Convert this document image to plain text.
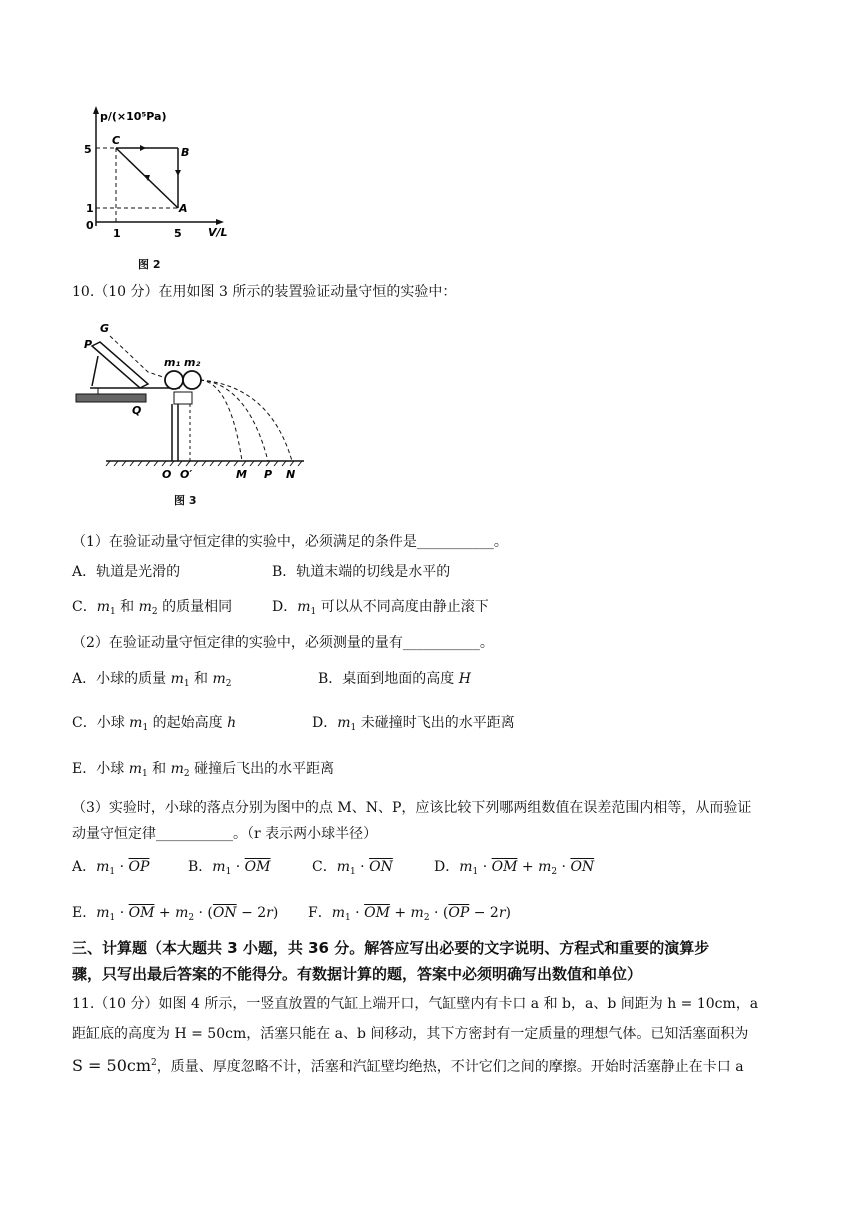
p/(×10⁵Pa)
V/L
5
1
0
1	5
C
B
A
图 2
10.（10 分）在用如图 3 所示的装置验证动量守恒的实验中：
G
P
Q
m₁ m₂
O O′	M P N
图 3
（1）在验证动量守恒定律的实验中，必须满足的条件是___________。
A．轨道是光滑的	B．轨道末端的切线是水平的
C．$m_1$ 和 $m_2$ 的质量相同	D．$m_1$ 可以从不同高度由静止滚下
（2）在验证动量守恒定律的实验中，必须测量的量有___________。
A．小球的质量 $m_1$ 和 $m_2$	B．桌面到地面的高度 H
C．小球 $m_1$ 的起始高度 h	D．$m_1$ 未碰撞时飞出的水平距离
E．小球 $m_1$ 和 $m_2$ 碰撞后飞出的水平距离
（3）实验时，小球的落点分别为图中的点 M、N、P，应该比较下列哪两组数值在误差范围内相等，从而验证
动量守恒定律___________。（r 表示两小球半径）
A．$m_1 \cdot \overline{OP}$	B．$m_1 \cdot \overline{OM}$	C．$m_1 \cdot \overline{ON}$	D．$m_1 \cdot \overline{OM} + m_2 \cdot \overline{ON}$
E．$m_1 \cdot \overline{OM} + m_2 \cdot (\overline{ON} - 2r)$ F．$m_1 \cdot \overline{OM} + m_2 \cdot (\overline{OP} - 2r)$
三、计算题（本大题共 3 小题，共 36 分。解答应写出必要的文字说明、方程式和重要的演算步
骤，只写出最后答案的不能得分。有数据计算的题，答案中必须明确写出数值和单位）
11.（10 分）如图 4 所示，一竖直放置的气缸上端开口，气缸壁内有卡口 a 和 b，a、b 间距为 h = 10cm，a
距缸底的高度为 H = 50cm，活塞只能在 a、b 间移动，其下方密封有一定质量的理想气体。已知活塞面积为
$S = 50cm^2$，质量、厚度忽略不计，活塞和汽缸壁均绝热，不计它们之间的摩擦。开始时活塞静止在卡口 a
